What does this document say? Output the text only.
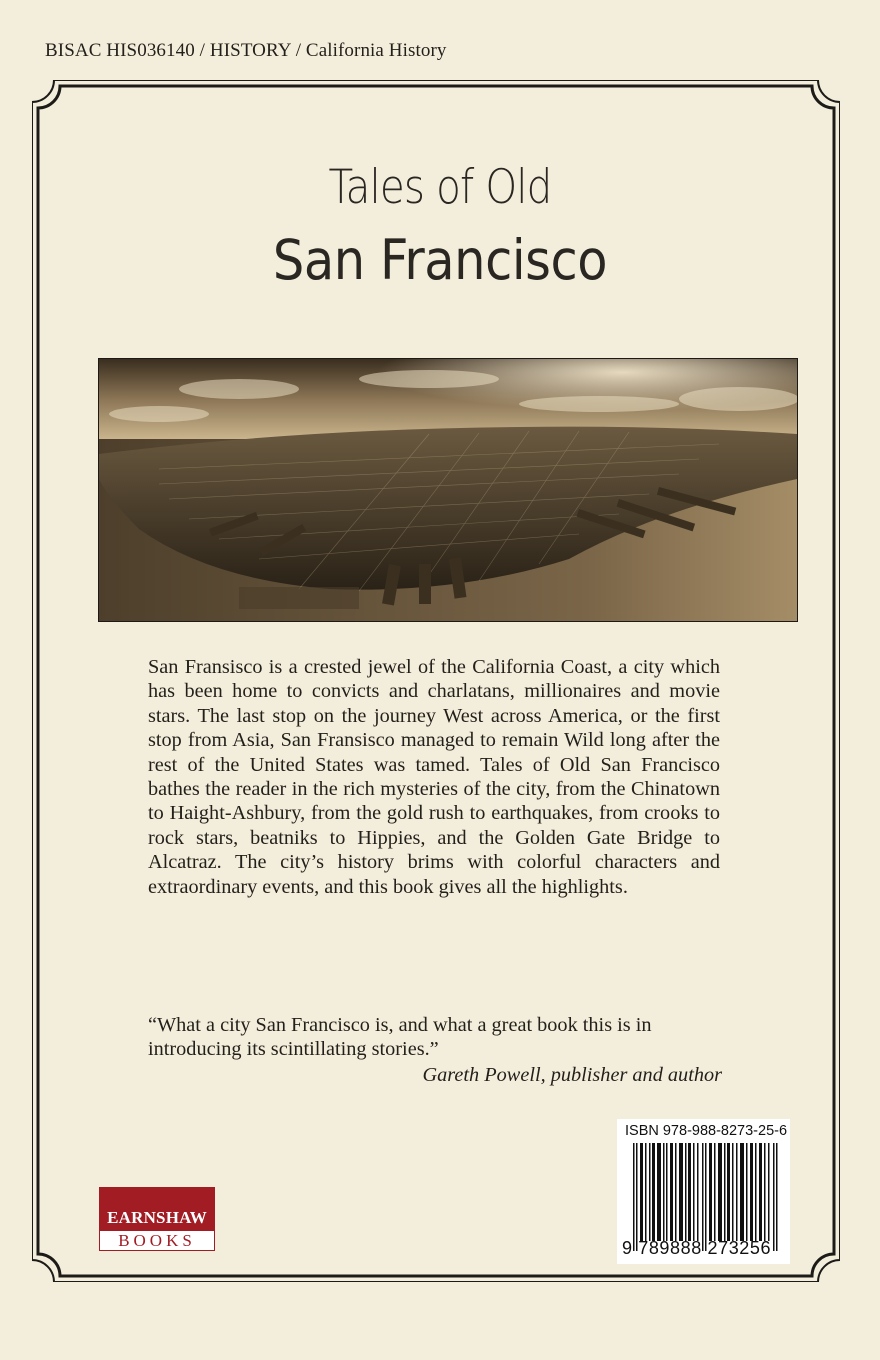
BISAC HIS036140 / HISTORY / California History
Tales of Old
San Francisco

San Fransisco is a crested jewel of the California Coast, a city which has been home to convicts and charlatans, millionaires and movie stars. The last stop on the journey West across America, or the first stop from Asia, San Fransisco managed to remain Wild long after the rest of the United States was tamed. Tales of Old San Francisco bathes the reader in the rich mysteries of the city, from the Chinatown to Haight-Ashbury, from the gold rush to earthquakes, from crooks to rock stars, beatniks to Hippies, and the Golden Gate Bridge to Alcatraz. The city’s history brims with colorful characters and extraordinary events, and this book gives all the highlights.

“What a city San Francisco is, and what a great book this is in introducing its scintillating stories.”

Gareth Powell, publisher and author
ISBN 978-988-8273-25-6
9 789888 273256
EARNSHAW
BOOKS
